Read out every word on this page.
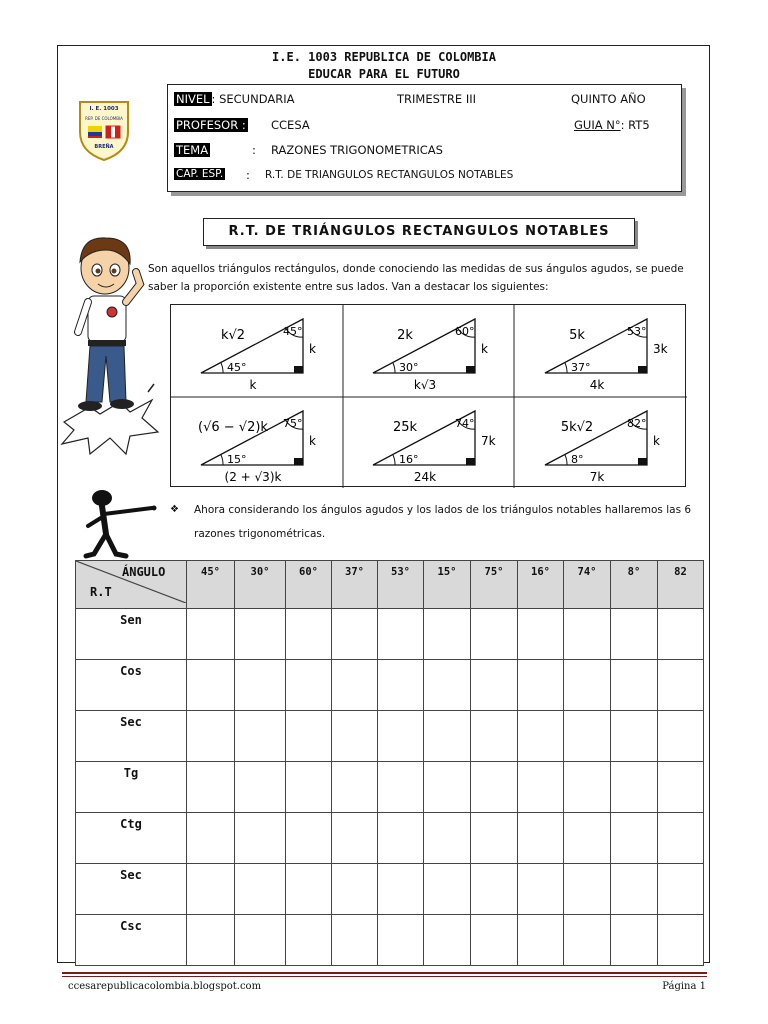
I.E. 1003 REPUBLICA DE COLOMBIA
EDUCAR PARA EL FUTURO
I. E. 1003
REP. DE COLOMBIA
BREÑA
NIVEL : SECUNDARIA	TRIMESTRE III	QUINTO AÑO
PROFESOR : CCESA	GUIA N°: RT5
TEMA	: RAZONES TRIGONOMETRICAS
CAP. ESP. : R.T. DE TRIANGULOS RECTANGULOS NOTABLES
R.T. DE TRIÁNGULOS RECTANGULOS NOTABLES
Son aquellos triángulos rectángulos, donde conociendo las medidas de sus ángulos agudos, se puede saber la proporción existente entre sus lados. Van a destacar los siguientes:
k√2
k
k
45°
45°
2k
k
k√3
60°
30°
5k
3k
4k
53°
37°
(√6 − √2)k
k
(2 + √3)k
75°
15°
25k
7k
24k
74°
16°
5k√2
k
7k
82°
8°
❖	Ahora considerando los ángulos agudos y los lados de los triángulos notables hallaremos las 6 razones trigonométricas.
ÁNGULO
R.T	45°	30°	60°	37°	53°	15°	75°	16°	74°	8°	82
Sen											
Cos											
Sec											
Tg											
Ctg											
Sec											
Csc											
ccesarepublicacolombia.blogspot.com	Página 1
